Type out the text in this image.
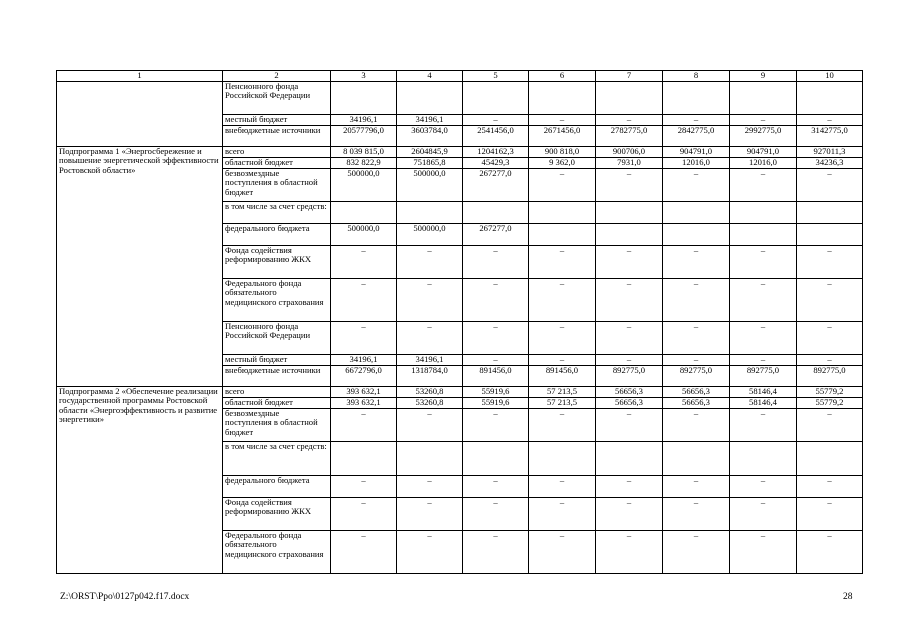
1	2	3	4	5	6	7	8	9	10
	Пенсионного фонда Российской Федерации								
	местный бюджет	34196,1	34196,1	–	–	–	–	–	–
	внебюджетные источники	20577796,0	3603784,0	2541456,0	2671456,0	2782775,0	2842775,0	2992775,0	3142775,0
Подпрограмма 1 «Энергосбережение и повышение энергетической эффективности Ростовской области»	всего	8 039 815,0	2604845,9	1204162,3	900 818,0	900706,0	904791,0	904791,0	927011,3
	областной бюджет	832 822,9	751865,8	45429,3	9 362,0	7931,0	12016,0	12016,0	34236,3
	безвозмездные поступления в областной бюджет	500000,0	500000,0	267277,0	–	–	–	–	–
	в том числе за счет средств:								
	федерального бюджета	500000,0	500000,0	267277,0					
	Фонда содействия реформированию ЖКХ	–	–	–	–	–	–	–	–
	Федерального фонда обязательного медицинского страхования	–	–	–	–	–	–	–	–
	Пенсионного фонда Российской Федерации	–	–	–	–	–	–	–	–
	местный бюджет	34196,1	34196,1	–	–	–	–	–	–
	внебюджетные источники	6672796,0	1318784,0	891456,0	891456,0	892775,0	892775,0	892775,0	892775,0
Подпрограмма 2 «Обеспечение реализации государственной программы Ростовской области «Энергоэффективность и развитие энергетики»	всего	393 632,1	53260,8	55919,6	57 213,5	56656,3	56656,3	58146,4	55779,2
	областной бюджет	393 632,1	53260,8	55919,6	57 213,5	56656,3	56656,3	58146,4	55779,2
	безвозмездные поступления в областной бюджет	–	–	–	–	–	–	–	–
	в том числе за счет средств:								
	федерального бюджета	–	–	–	–	–	–	–	–
	Фонда содействия реформированию ЖКХ	–	–	–	–	–	–	–	–
	Федерального фонда обязательного медицинского страхования	–	–	–	–	–	–	–	–
Z:\ORST\Ppo\0127p042.f17.docx	28
